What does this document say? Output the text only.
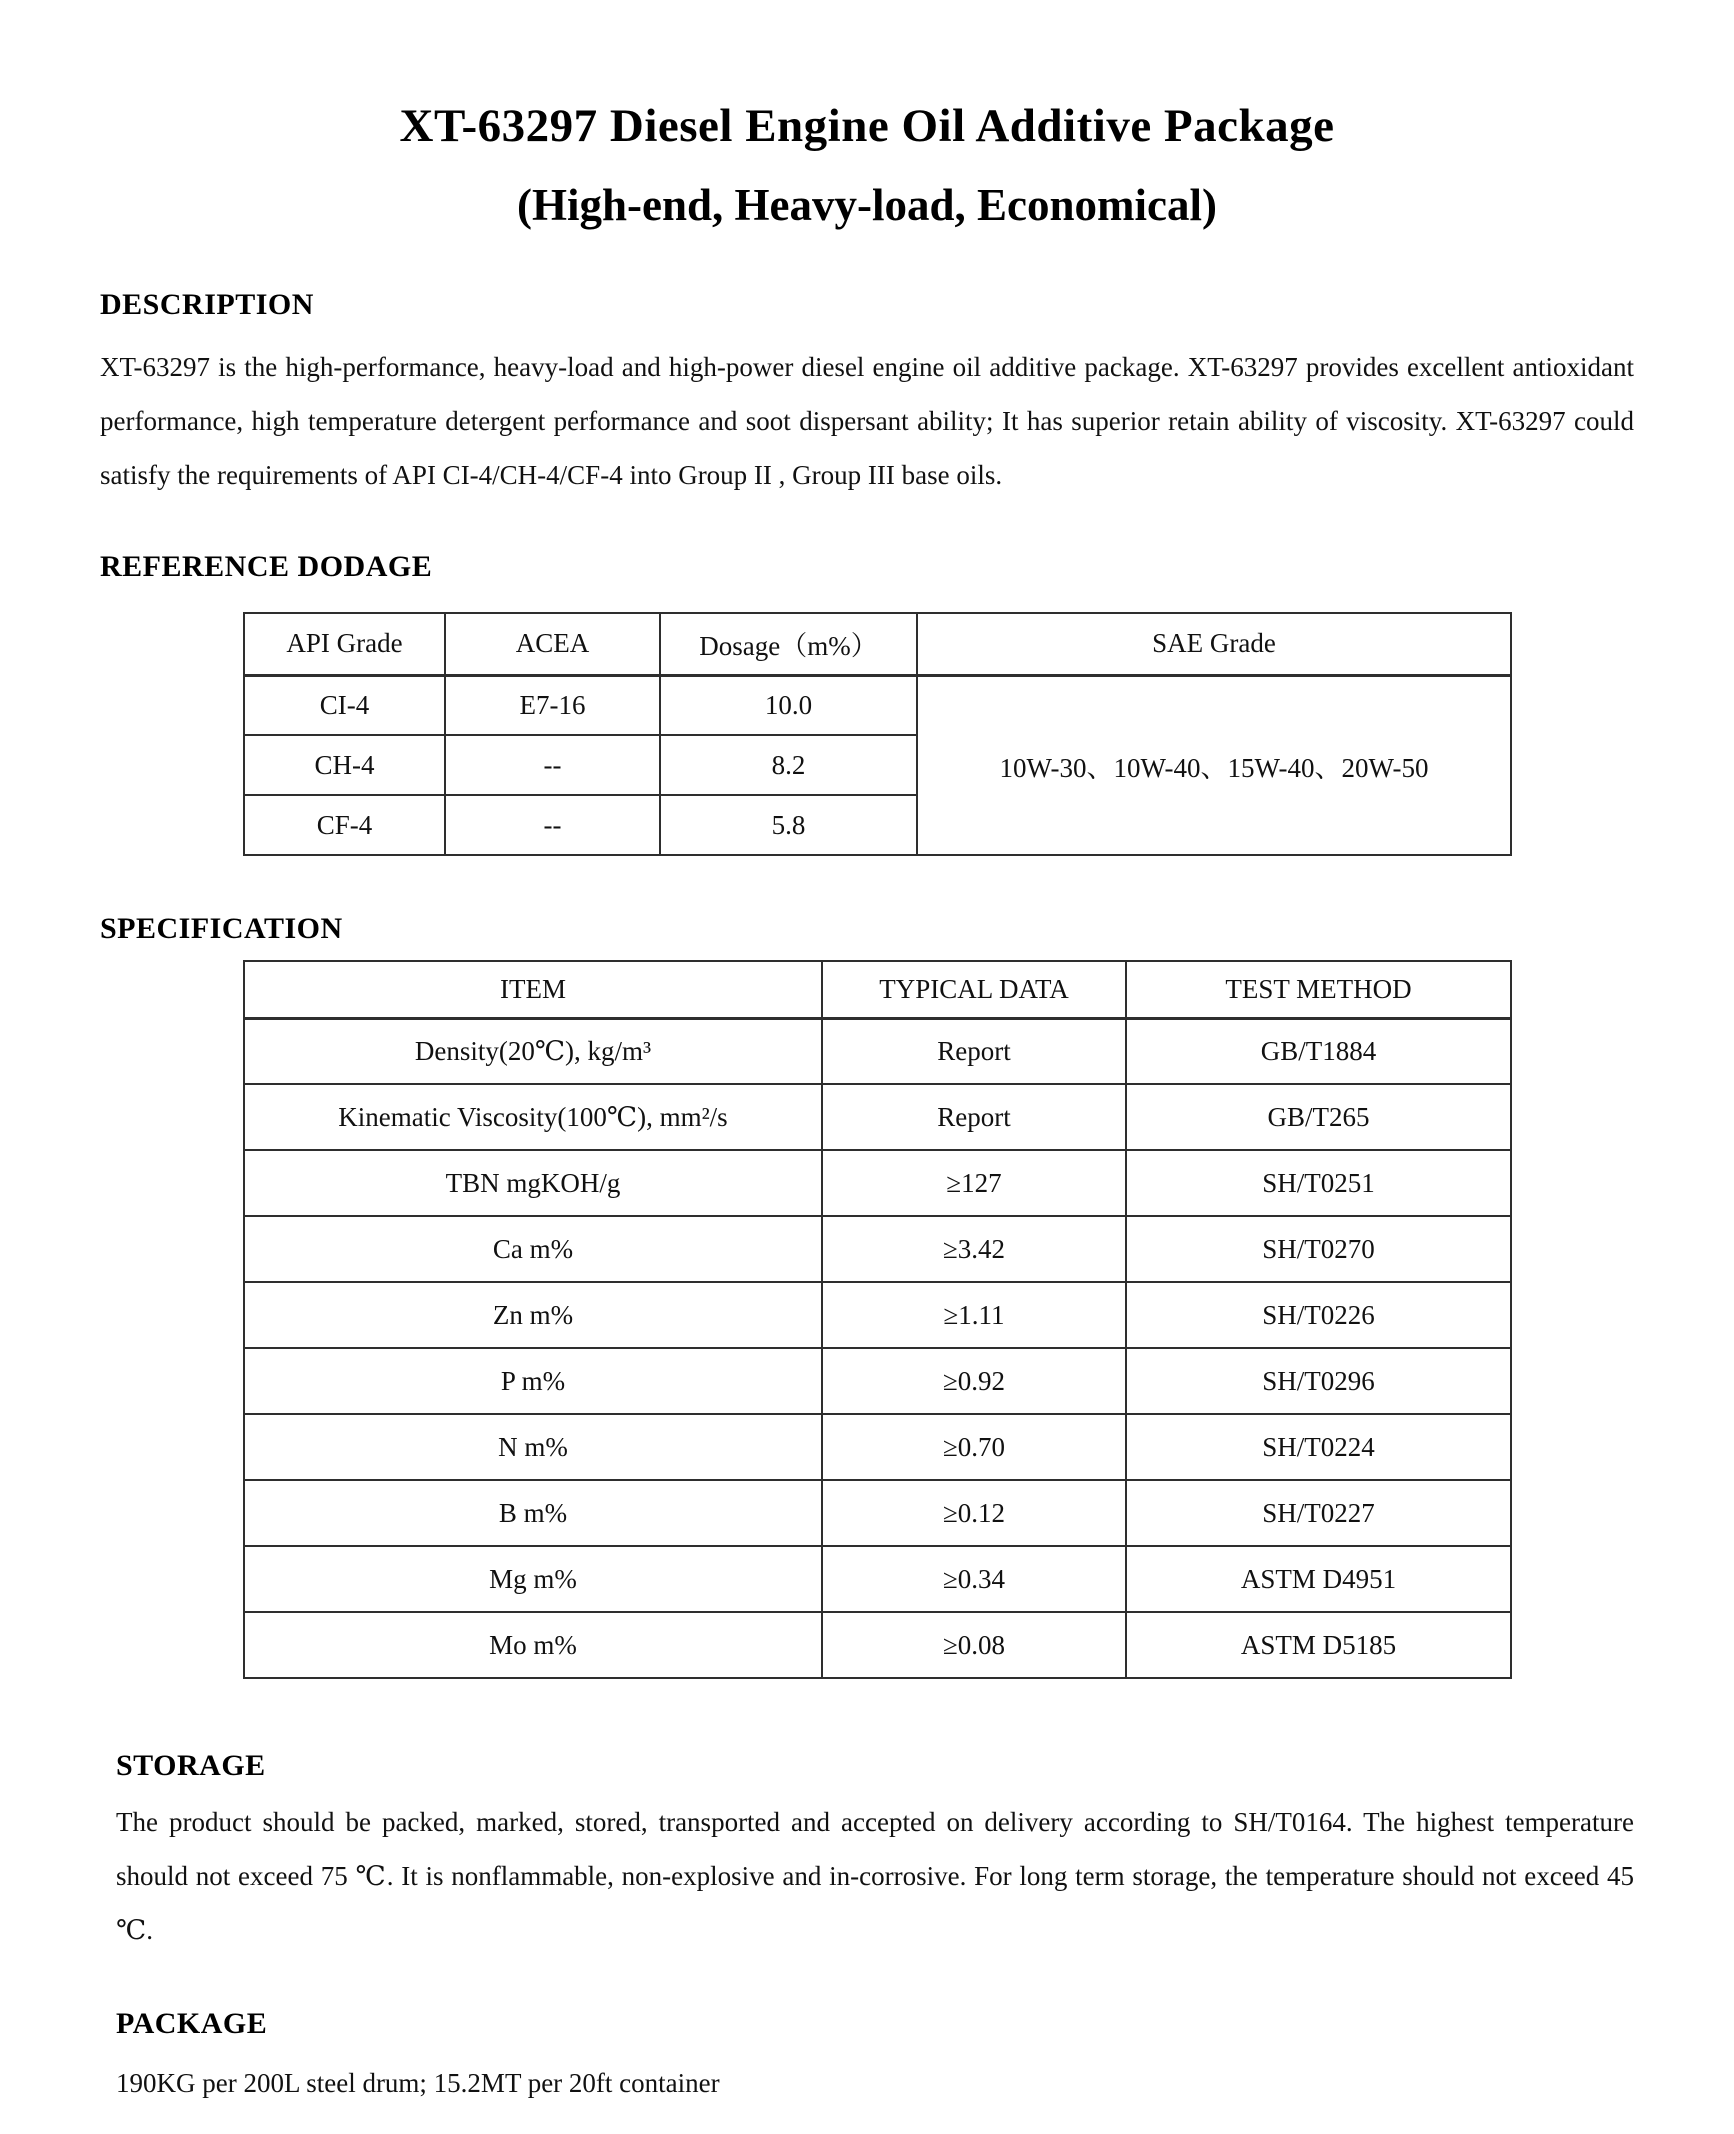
XT-63297 Diesel Engine Oil Additive Package
(High-end, Heavy-load, Economical)
DESCRIPTION
XT-63297 is the high-performance, heavy-load and high-power diesel engine oil additive package. XT-63297 provides excellent antioxidant performance, high temperature detergent performance and soot dispersant ability; It has superior retain ability of viscosity. XT-63297 could satisfy the requirements of API CI-4/CH-4/CF-4 into Group II , Group III base oils.
REFERENCE DODAGE
API Grade	ACEA	Dosage（m%）	SAE Grade
CI-4	E7-16	10.0	10W-30、10W-40、15W-40、20W-50
CH-4	--	8.2	
CF-4	--	5.8	
SPECIFICATION
ITEM	TYPICAL DATA	TEST METHOD
Density(20℃), kg/m³	Report	GB/T1884
Kinematic Viscosity(100℃), mm²/s	Report	GB/T265
TBN mgKOH/g	≥127	SH/T0251
Ca m%	≥3.42	SH/T0270
Zn m%	≥1.11	SH/T0226
P m%	≥0.92	SH/T0296
N m%	≥0.70	SH/T0224
B m%	≥0.12	SH/T0227
Mg m%	≥0.34	ASTM D4951
Mo m%	≥0.08	ASTM D5185
STORAGE
The product should be packed, marked, stored, transported and accepted on delivery according to SH/T0164. The highest temperature should not exceed 75 ℃. It is nonflammable, non-explosive and in-corrosive. For long term storage, the temperature should not exceed 45 ℃.
PACKAGE
190KG per 200L steel drum; 15.2MT per 20ft container
